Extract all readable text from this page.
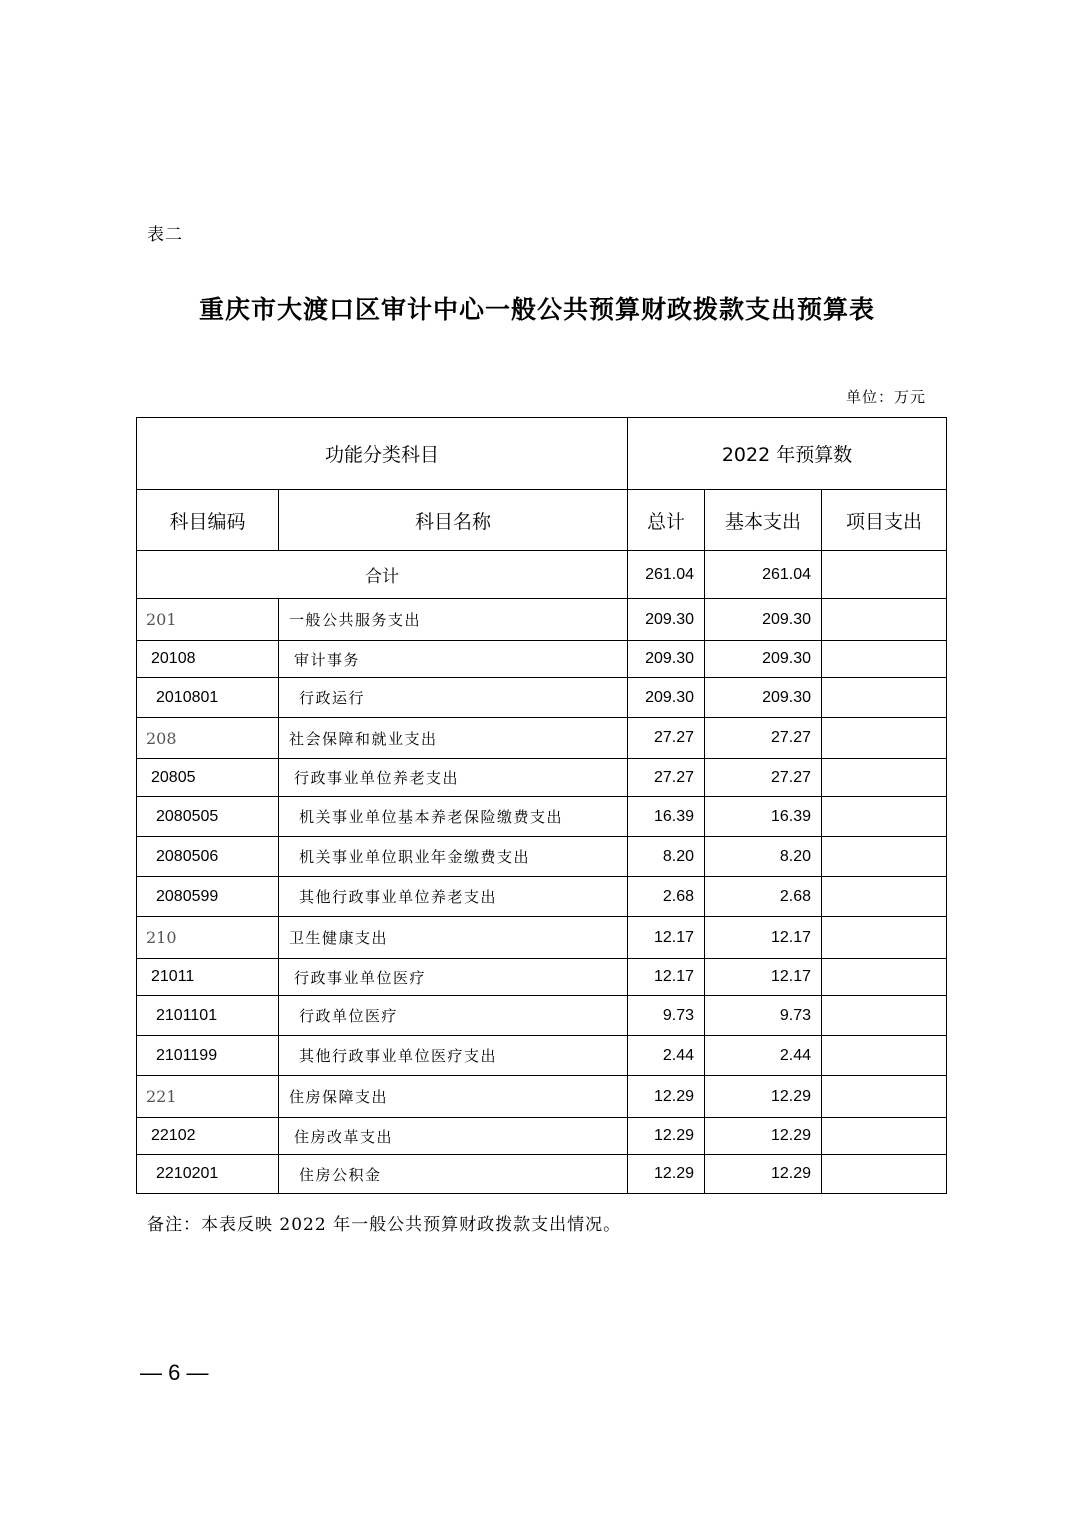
表二
重庆市大渡口区审计中心一般公共预算财政拨款支出预算表
单位：万元
功能分类科目		2022 年预算数		
科目编码	科目名称	总计	基本支出	项目支出
合计		261.04	261.04	
201	一般公共服务支出	209.30	209.30	
20108	审计事务	209.30	209.30	
2010801	行政运行	209.30	209.30	
208	社会保障和就业支出	27.27	27.27	
20805	行政事业单位养老支出	27.27	27.27	
2080505	机关事业单位基本养老保险缴费支出	16.39	16.39	
2080506	机关事业单位职业年金缴费支出	8.20	8.20	
2080599	其他行政事业单位养老支出	2.68	2.68	
210	卫生健康支出	12.17	12.17	
21011	行政事业单位医疗	12.17	12.17	
2101101	行政单位医疗	9.73	9.73	
2101199	其他行政事业单位医疗支出	2.44	2.44	
221	住房保障支出	12.29	12.29	
22102	住房改革支出	12.29	12.29	
2210201	住房公积金	12.29	12.29	
备注：本表反映 2022 年一般公共预算财政拨款支出情况。
— 6 —
